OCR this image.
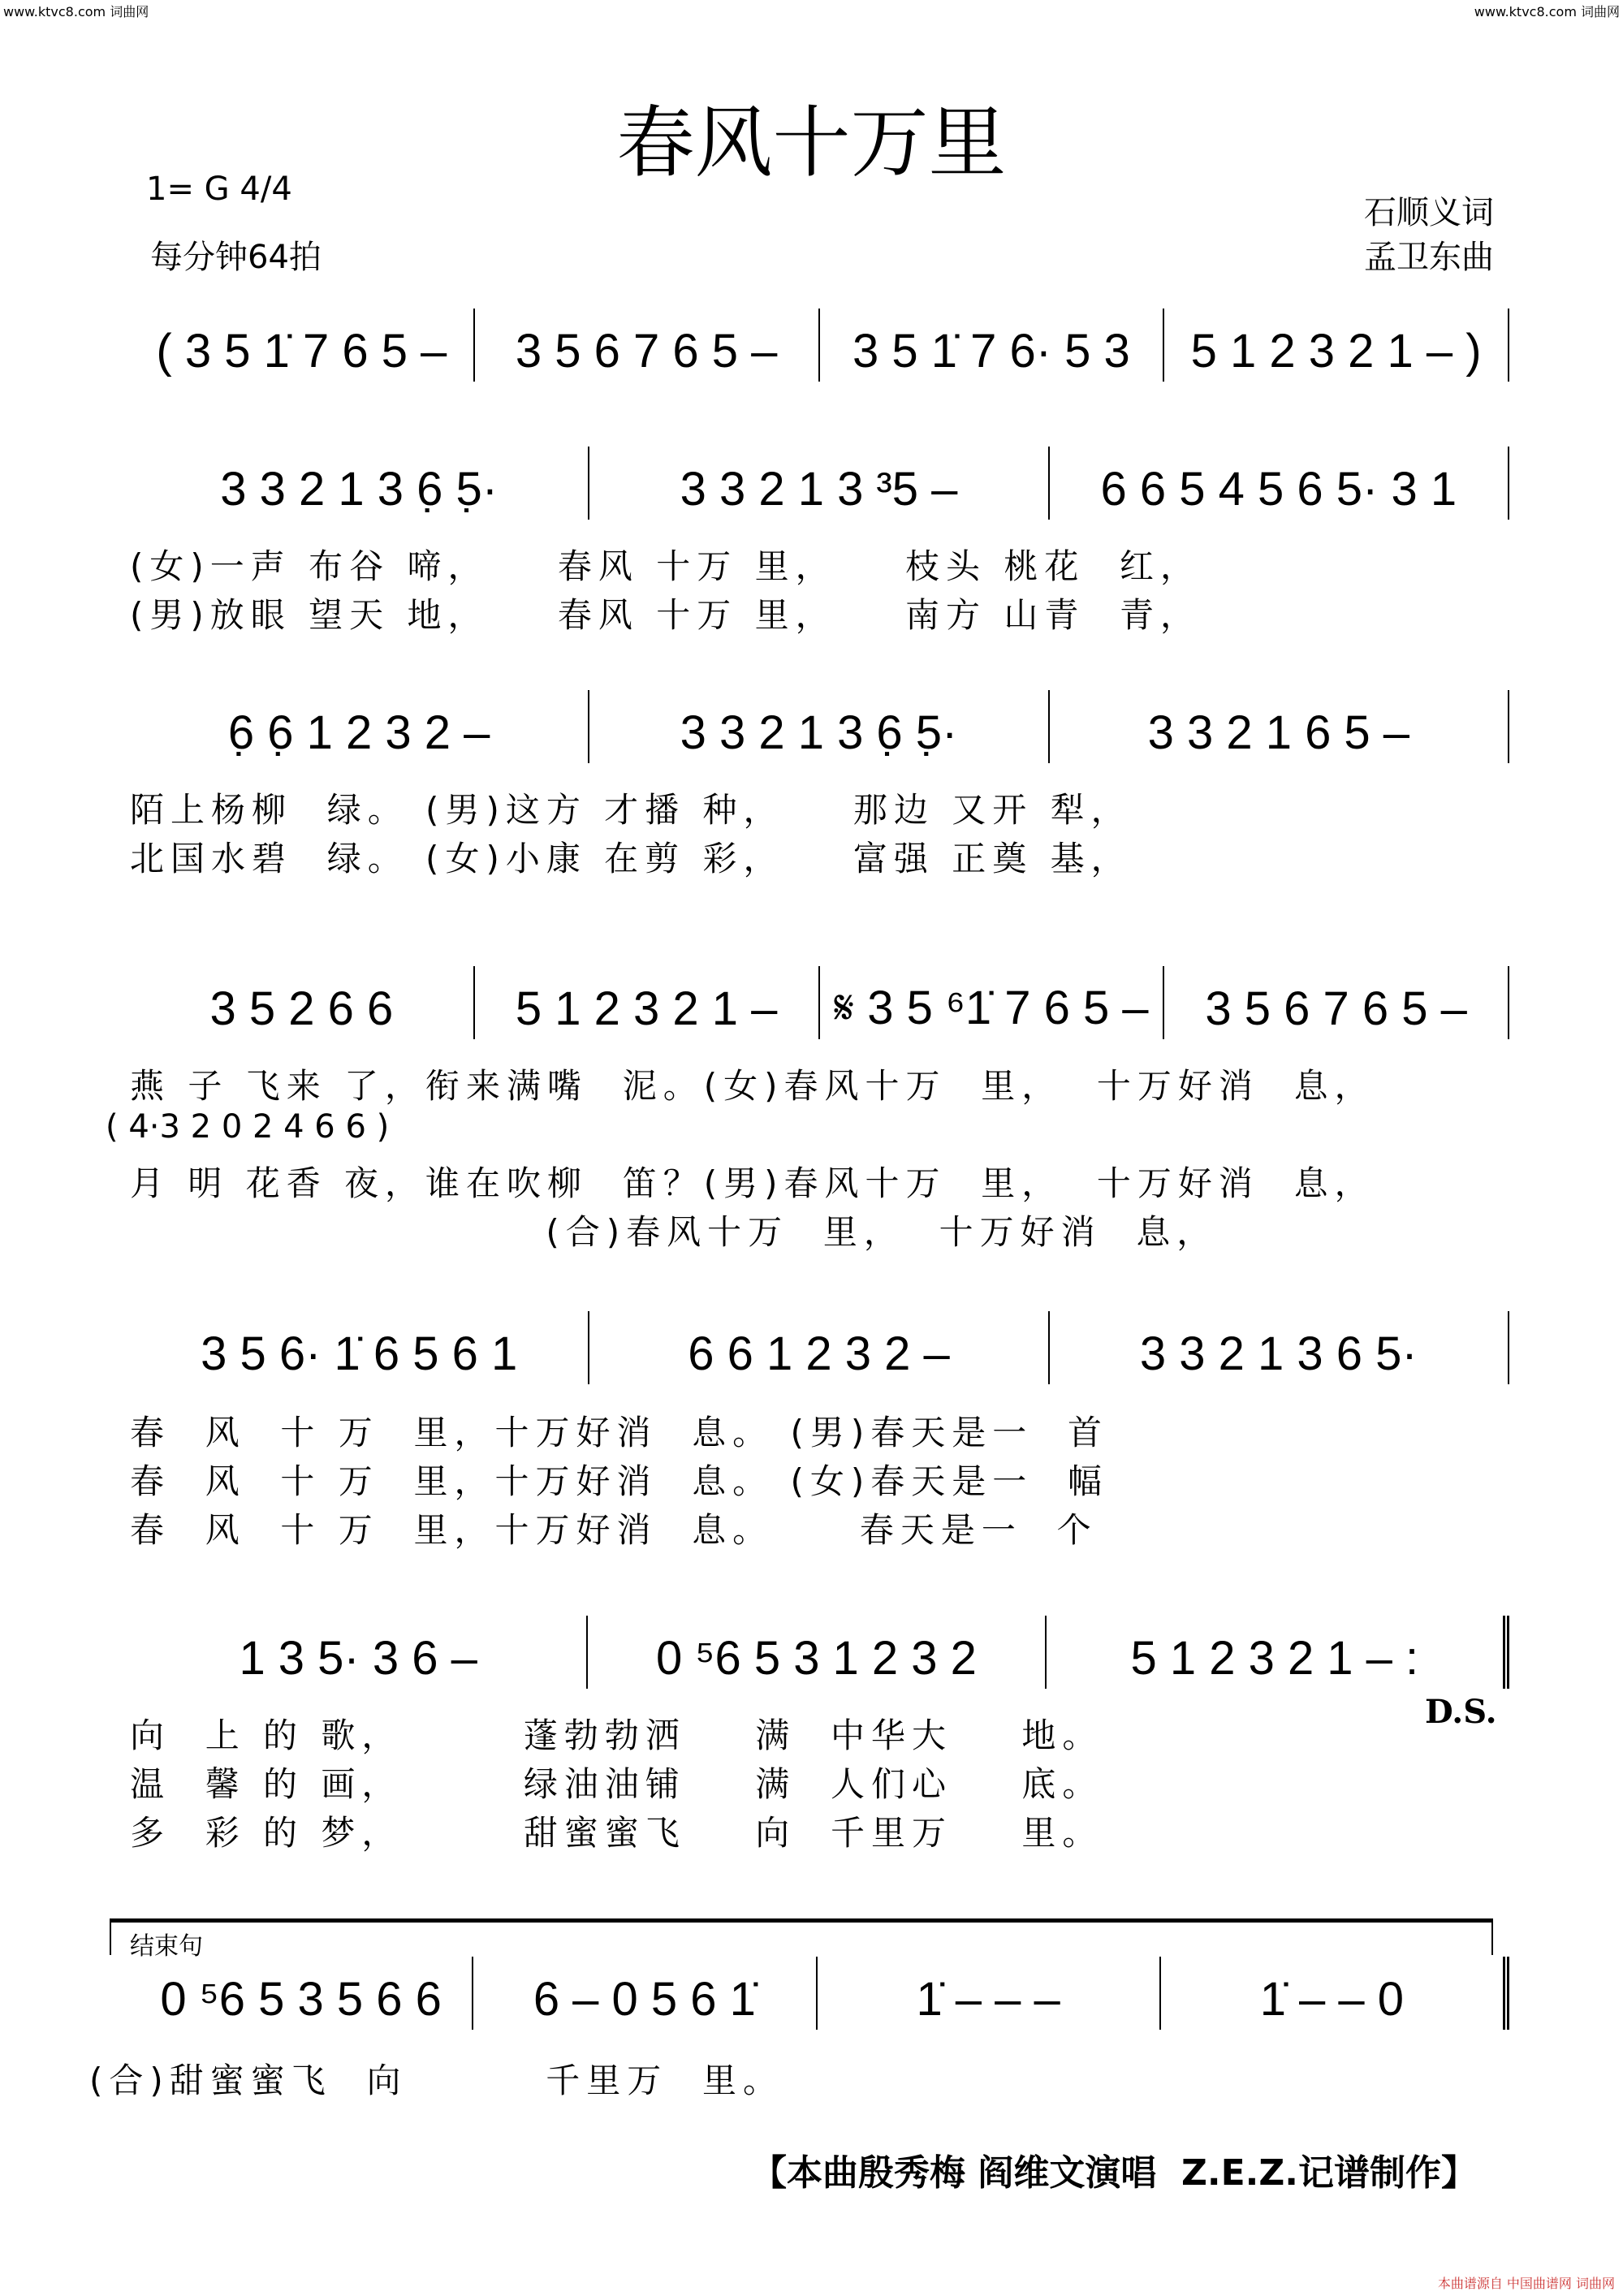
www.ktvc8.com 词曲网	www.ktvc8.com 词曲网
春风十万里
1= G 4/4
每分钟64拍
石顺义词
孟卫东曲
( 3 5 1̇ 7 6 5 – 3 5 6 7 6 5 – 3 5 1̇ 7 6· 5 3 5 1 2 3 2 1 – )
3 3 2 1 3 6̣ 5̣·	3 3 2 1 3 ³5 –	6 6 5 4 5 6 5· 3 1
(女)一声 布谷 啼，    春风 十万 里，    枝头 桃花  红，
(男)放眼 望天 地，    春风 十万 里，    南方 山青  青，
6̣ 6̣ 1 2 3 2 –	3 3 2 1 3 6̣ 5̣·	3 3 2 1 6 5 –
陌上杨柳  绿。 (男)这方 才播 种，    那边 又开 犁，
北国水碧  绿。 (女)小康 在剪 彩，    富强 正奠 基，
3 5 2 6 6	5 1 2 3 2 1 – 𝄋 3 5 ⁶1̇ 7 6 5 – 3 5 6 7 6 5 –
燕 子 飞来 了，衔来满嘴  泥。(女)春风十万  里，  十万好消  息，
月 明 花香 夜，谁在吹柳  笛？(男)春风十万  里，  十万好消  息，
(合)春风十万  里，  十万好消  息，
( 4·3 2 0 2 4 6 6 )
3 5 6· 1̇ 6 5 6 1	6 6 1 2 3 2 –	3 3 2 1 3 6 5·
春  风  十 万  里，十万好消  息。 (男)春天是一  首
春  风  十 万  里，十万好消  息。 (女)春天是一  幅
春  风  十 万  里，十万好消  息。     春天是一  个
1 3 5· 3 6 –	0 ⁵6 5 3 1 2 3 2	5 1 2 3 2 1 – :
向  上 的 歌，       蓬勃勃洒    满  中华大    地。
温  馨 的 画，       绿油油铺    满  人们心    底。
多  彩 的 梦，       甜蜜蜜飞    向  千里万    里。
D.S.
0 ⁵6 5 3 5 6 6 6 – 0 5 6 1̇	1̇ – – –	1̇ – – 0
(合)甜蜜蜜飞  向        千里万  里。
结束句
【本曲殷秀梅 阎维文演唱  Z.E.Z.记谱制作】
本曲谱源自 中国曲谱网 词曲网
